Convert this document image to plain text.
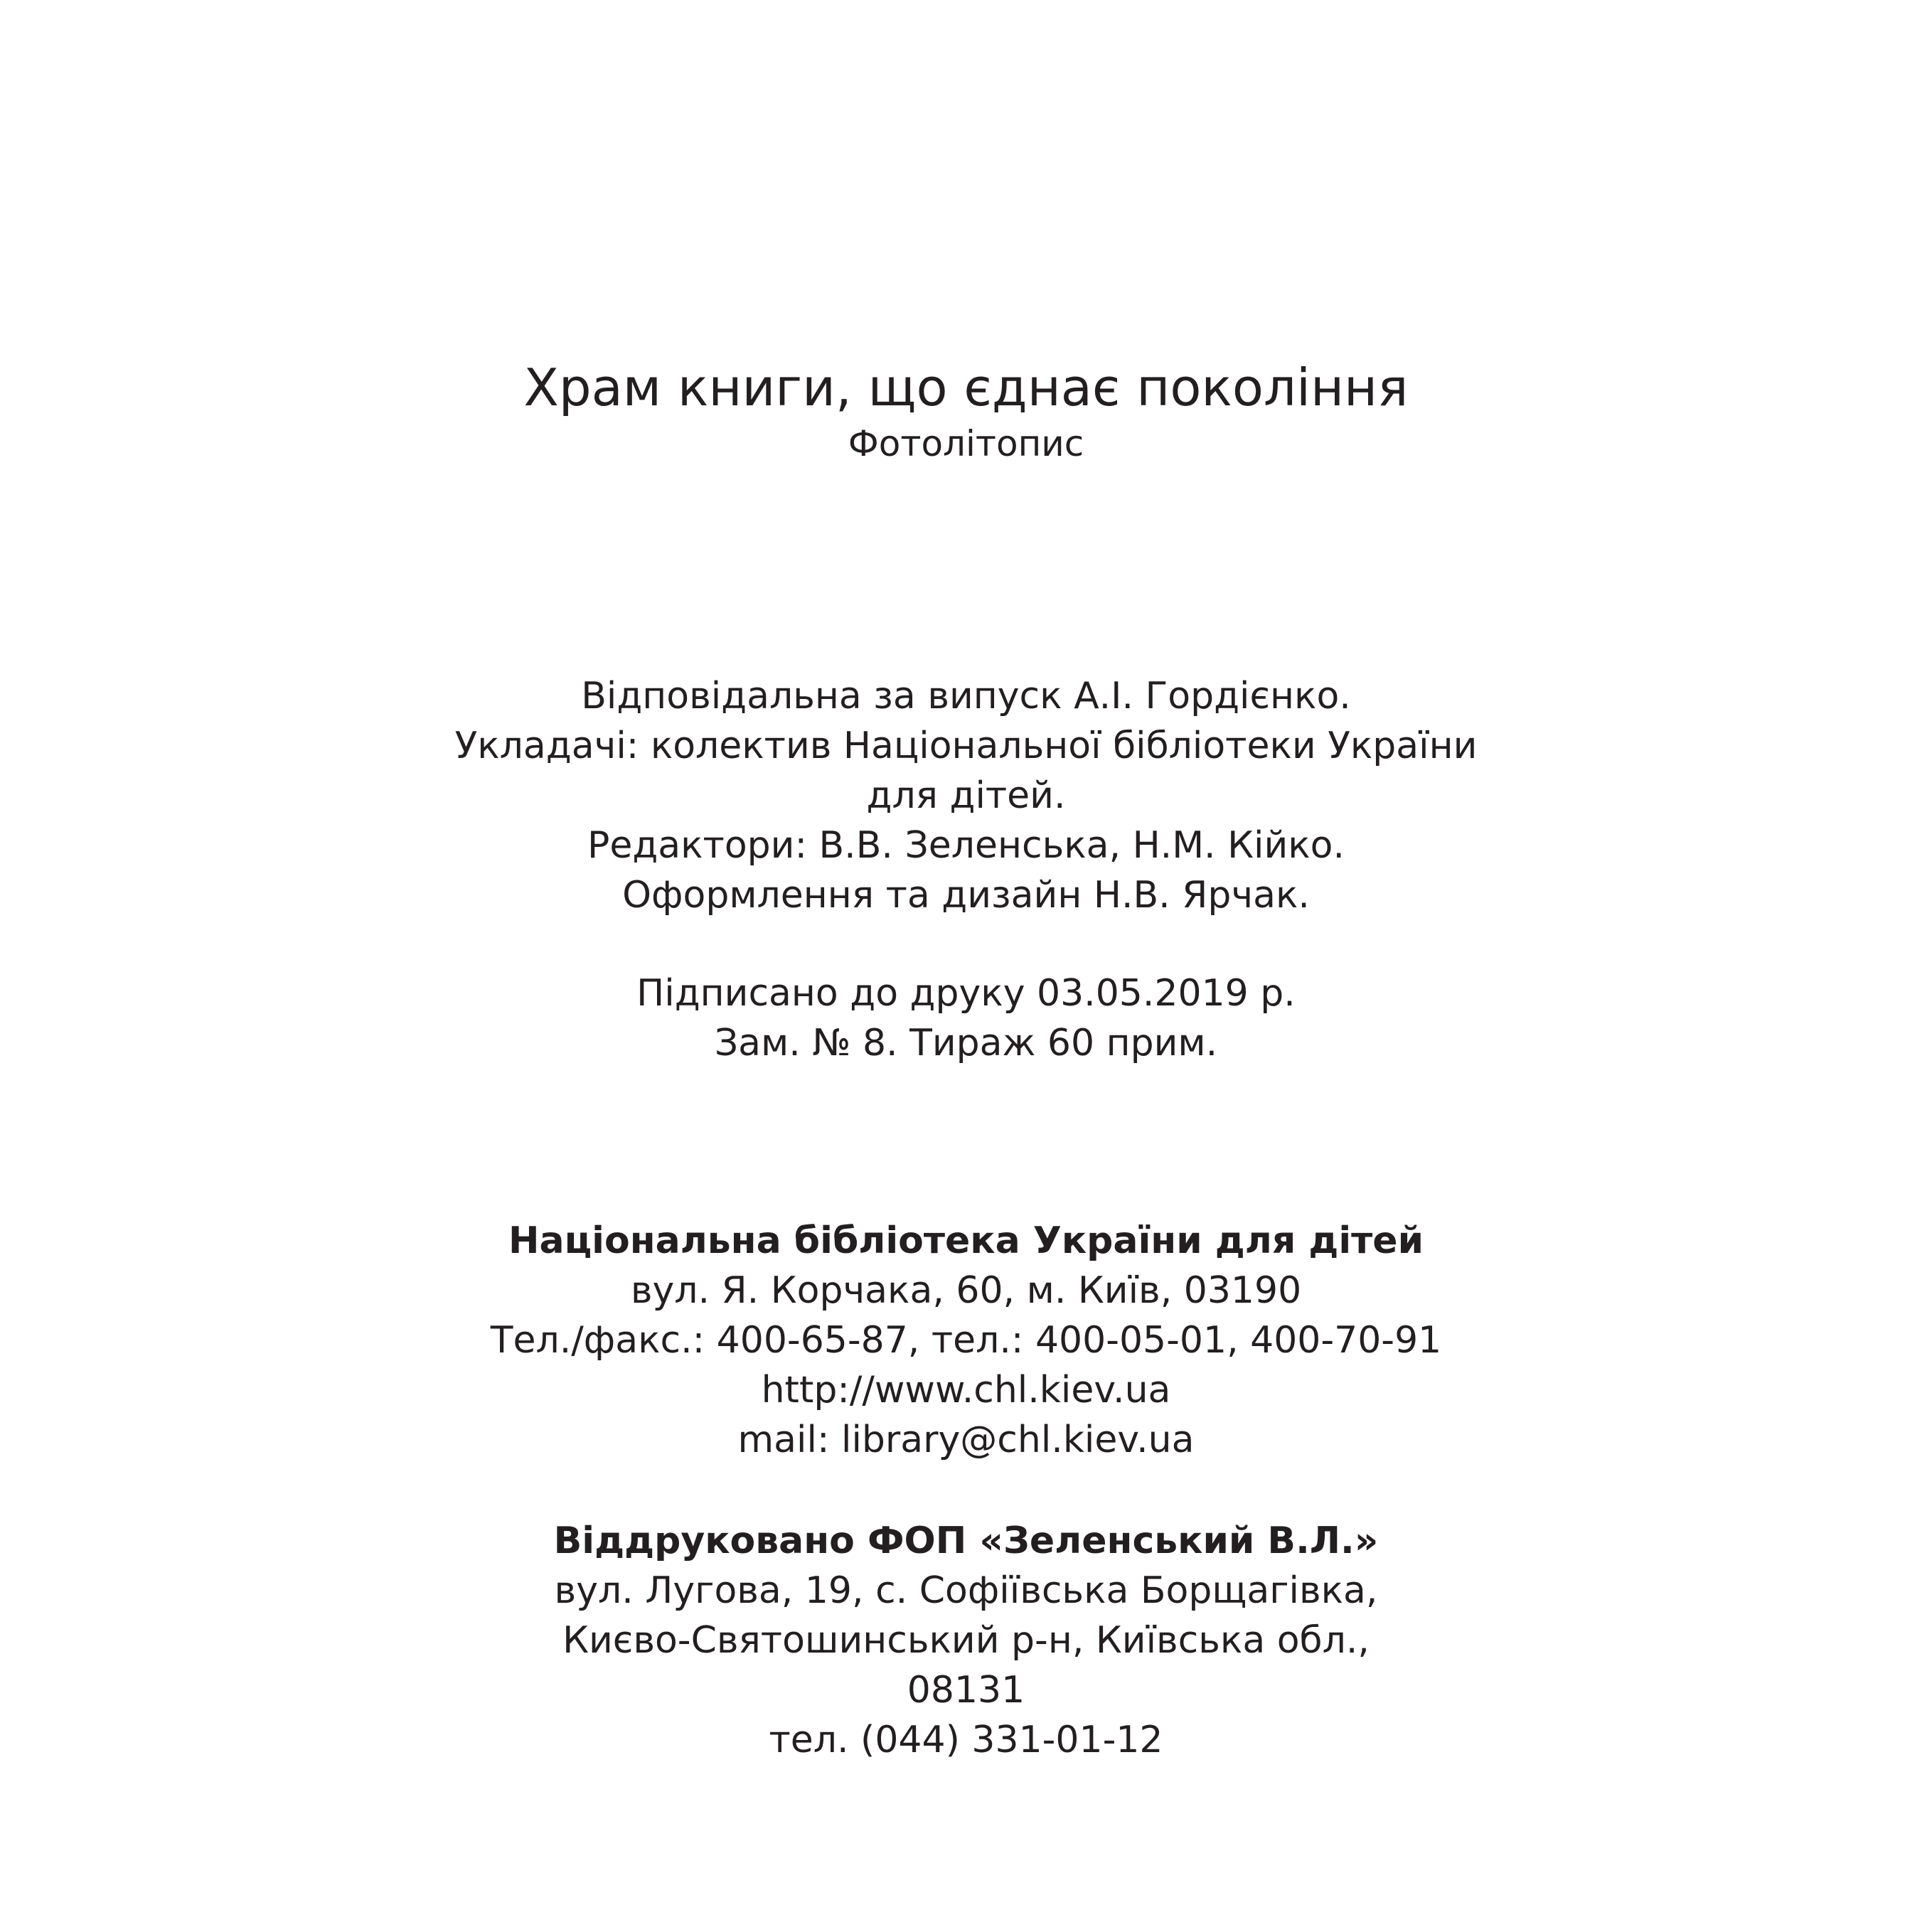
Храм книги, що єднає покоління
Фотолітопис
Відповідальна за випуск А.І. Гордієнко.
Укладачі: колектив Національної бібліотеки України
для дітей.
Редактори: В.В. Зеленська, Н.М. Кійко.
Оформлення та дизайн Н.В. Ярчак.
Підписано до друку 03.05.2019 р.
Зам. № 8. Тираж 60 прим.
Національна бібліотека України для дітей
вул. Я. Корчака, 60, м. Київ, 03190
Тел./факс.: 400-65-87, тел.: 400-05-01, 400-70-91
http://www.chl.kiev.ua
mail: library@chl.kiev.ua
Віддруковано ФОП «Зеленський В.Л.»
вул. Лугова, 19, с. Софіївська Борщагівка,
Києво-Святошинський р-н, Київська обл.,
08131
тел. (044) 331-01-12
